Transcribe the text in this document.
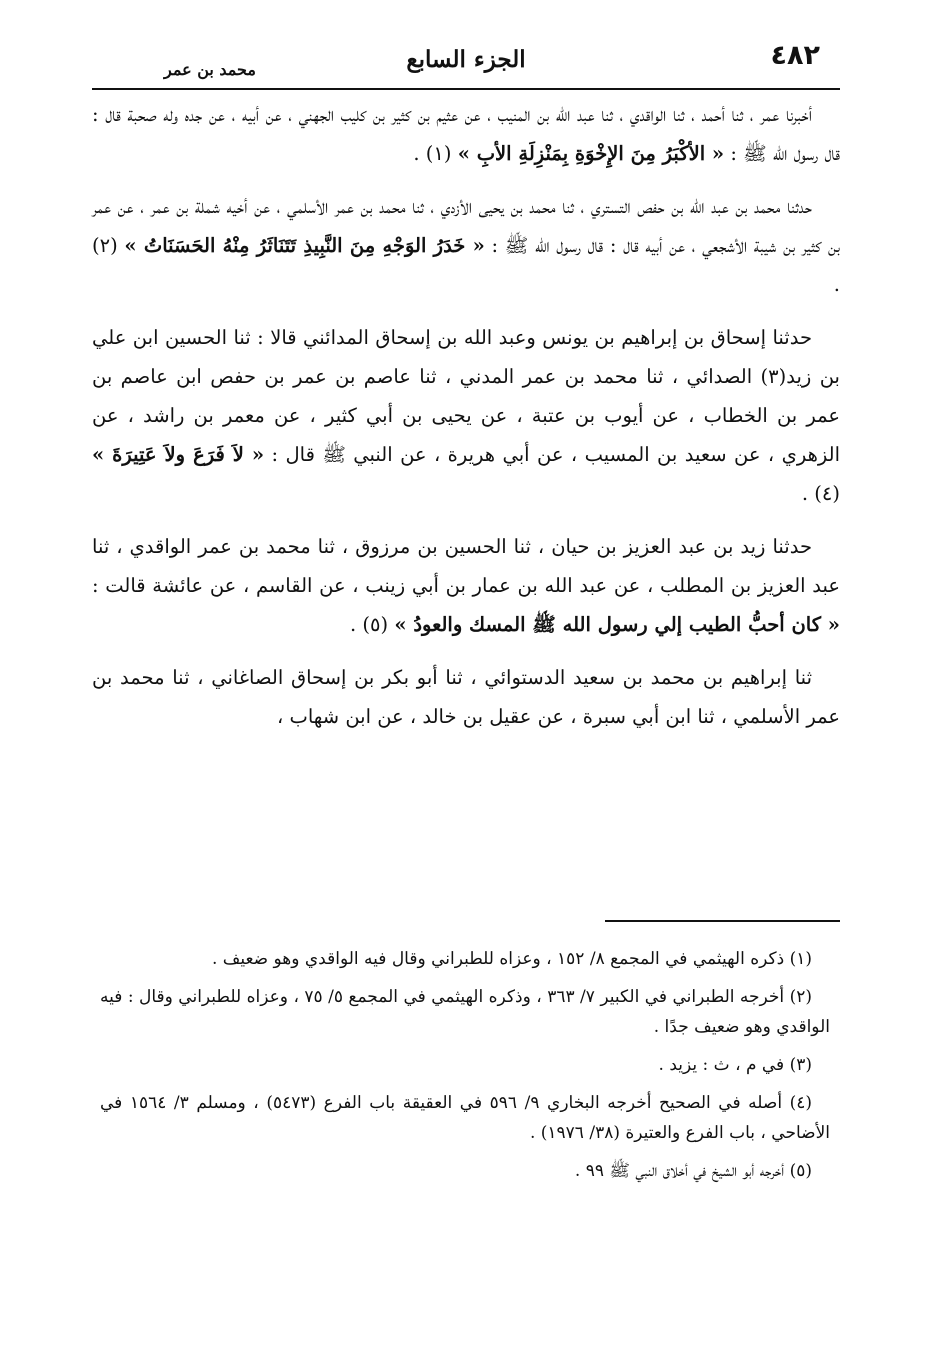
٤٨٢
الجزء السابع
محمد بن عمر

أخبرنا عمر ، ثنا أحمد ، ثنا الواقدي ، ثنا عبد الله بن المنيب ، عن عثيم بن كثير بن كليب الجهني ، عن أبيه ، عن جده وله صحبة قال : قال رسول الله ﷺ : « الأكْبَرُ مِنَ الإِخْوَةِ بِمَنْزِلَةِ الأبِ » (١) .

حدثنا محمد بن عبد الله بن حفص التستري ، ثنا محمد بن يحيى الأزدي ، ثنا محمد بن عمر الأسلمي ، عن أخيه شملة بن عمر ، عن عمر بن كثير بن شيبة الأشجعي ، عن أبيه قال : قال رسول الله ﷺ : « خَدَرُ الوَجْهِ مِنَ النَّبِيذِ تَتَنَاثَرُ مِنْهُ الحَسَنَاتُ » (٢) .

حدثنا إسحاق بن إبراهيم بن يونس وعبد الله بن إسحاق المدائني قالا : ثنا الحسين ابن علي بن زيد(٣) الصدائي ، ثنا محمد بن عمر المدني ، ثنا عاصم بن عمر بن حفص ابن عاصم بن عمر بن الخطاب ، عن أيوب بن عتبة ، عن يحيى بن أبي كثير ، عن معمر بن راشد ، عن الزهري ، عن سعيد بن المسيب ، عن أبي هريرة ، عن النبي ﷺ قال : « لاَ فَرَعَ ولاَ عَتِيرَةَ » (٤) .

حدثنا زيد بن عبد العزيز بن حيان ، ثنا الحسين بن مرزوق ، ثنا محمد بن عمر الواقدي ، ثنا عبد العزيز بن المطلب ، عن عبد الله بن عمار بن أبي زينب ، عن القاسم ، عن عائشة قالت : « كان أحبُّ الطيب إلي رسول الله ﷺ المسك والعودُ » (٥) .

ثنا إبراهيم بن محمد بن سعيد الدستوائي ، ثنا أبو بكر بن إسحاق الصاغاني ، ثنا محمد بن عمر الأسلمي ، ثنا ابن أبي سبرة ، عن عقيل بن خالد ، عن ابن شهاب ،

(١) ذكره الهيثمي في المجمع ٨/ ١٥٢ ، وعزاه للطبراني وقال فيه الواقدي وهو ضعيف .

(٢) أخرجه الطبراني في الكبير ٧/ ٣٦٣ ، وذكره الهيثمي في المجمع ٥/ ٧٥ ، وعزاه للطبراني وقال : فيه الواقدي وهو ضعيف جدًا .

(٣) في م ، ث : يزيد .

(٤) أصله في الصحيح أخرجه البخاري ٩/ ٥٩٦ في العقيقة باب الفرع (٥٤٧٣) ، ومسلم ٣/ ١٥٦٤ في الأضاحي ، باب الفرع والعتيرة (٣٨/ ١٩٧٦) .

(٥) أخرجه أبو الشيخ في أخلاق النبي ﷺ ٩٩ .
